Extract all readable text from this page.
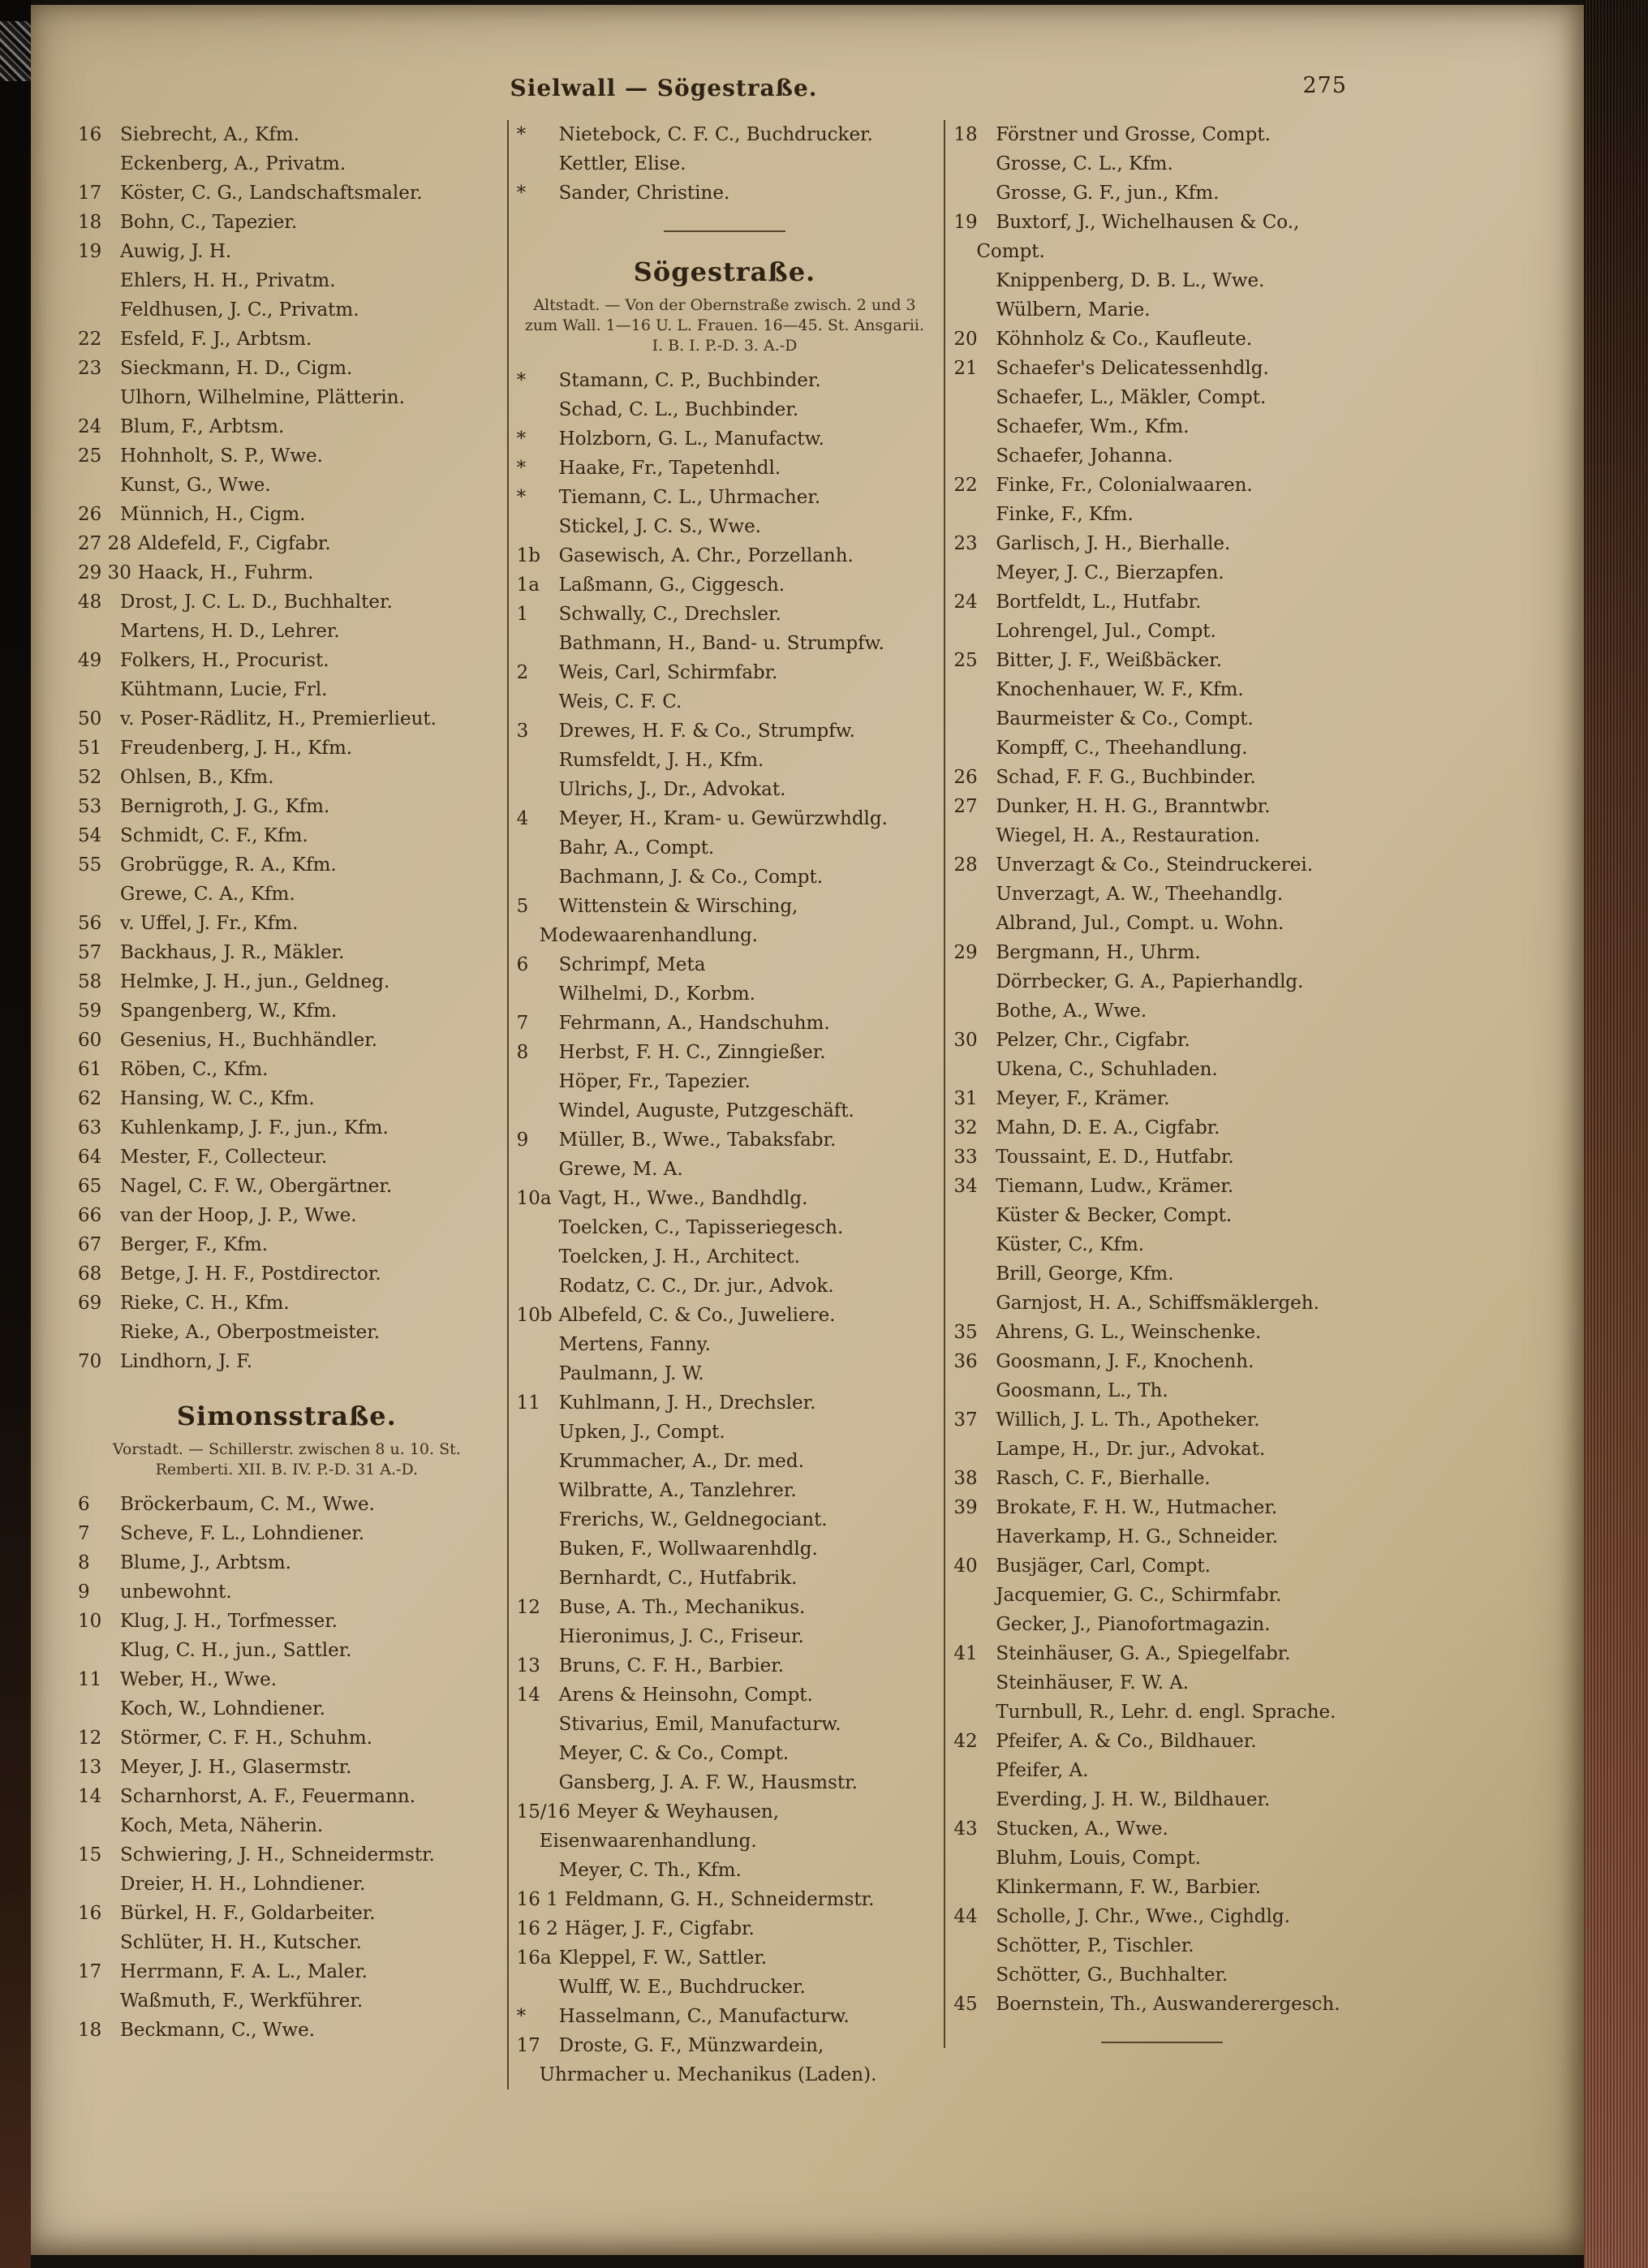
Sielwall — Sögestraße.	275
16 Siebrecht, A., Kfm.
Eckenberg, A., Privatm.
17 Köster, C. G., Landschaftsmaler.
18 Bohn, C., Tapezier.
19 Auwig, J. H.
Ehlers, H. H., Privatm.
Feldhusen, J. C., Privatm.
22 Esfeld, F. J., Arbtsm.
23 Sieckmann, H. D., Cigm.
Ulhorn, Wilhelmine, Plätterin.
24 Blum, F., Arbtsm.
25 Hohnholt, S. P., Wwe.
Kunst, G., Wwe.
26 Münnich, H., Cigm.
27 28 Aldefeld, F., Cigfabr.
29 30 Haack, H., Fuhrm.
48 Drost, J. C. L. D., Buchhalter.
Martens, H. D., Lehrer.
49 Folkers, H., Procurist.
Kühtmann, Lucie, Frl.
50 v. Poser-Rädlitz, H., Premierlieut.
51 Freudenberg, J. H., Kfm.
52 Ohlsen, B., Kfm.
53 Bernigroth, J. G., Kfm.
54 Schmidt, C. F., Kfm.
55 Grobrügge, R. A., Kfm.
Grewe, C. A., Kfm.
56 v. Uffel, J. Fr., Kfm.
57 Backhaus, J. R., Mäkler.
58 Helmke, J. H., jun., Geldneg.
59 Spangenberg, W., Kfm.
60 Gesenius, H., Buchhändler.
61 Röben, C., Kfm.
62 Hansing, W. C., Kfm.
63 Kuhlenkamp, J. F., jun., Kfm.
64 Mester, F., Collecteur.
65 Nagel, C. F. W., Obergärtner.
66 van der Hoop, J. P., Wwe.
67 Berger, F., Kfm.
68 Betge, J. H. F., Postdirector.
69 Rieke, C. H., Kfm.
Rieke, A., Oberpostmeister.
70 Lindhorn, J. F.
Simonsstraße.
Vorstadt. — Schillerstr. zwischen 8 u. 10. St. Remberti. XII. B. IV. P.-D. 31 A.-D.
6 Bröckerbaum, C. M., Wwe.
7 Scheve, F. L., Lohndiener.
8 Blume, J., Arbtsm.
9 unbewohnt.
10 Klug, J. H., Torfmesser.
Klug, C. H., jun., Sattler.
11 Weber, H., Wwe.
Koch, W., Lohndiener.
12 Störmer, C. F. H., Schuhm.
13 Meyer, J. H., Glasermstr.
14 Scharnhorst, A. F., Feuermann.
Koch, Meta, Näherin.
15 Schwiering, J. H., Schneidermstr.
Dreier, H. H., Lohndiener.
16 Bürkel, H. F., Goldarbeiter.
Schlüter, H. H., Kutscher.
17 Herrmann, F. A. L., Maler.
Waßmuth, F., Werkführer.
18 Beckmann, C., Wwe.
* Nietebock, C. F. C., Buchdrucker.
Kettler, Elise.
* Sander, Christine.
Sögestraße.
Altstadt. — Von der Obernstraße zwisch. 2 und 3 zum Wall. 1—16 U. L. Frauen. 16—45. St. Ansgarii. I. B. I. P.-D. 3. A.-D
* Stamann, C. P., Buchbinder.
Schad, C. L., Buchbinder.
* Holzborn, G. L., Manufactw.
* Haake, Fr., Tapetenhdl.
* Tiemann, C. L., Uhrmacher.
Stickel, J. C. S., Wwe.
1b Gasewisch, A. Chr., Porzellanh.
1a Laßmann, G., Ciggesch.
1 Schwally, C., Drechsler.
Bathmann, H., Band- u. Strumpfw.
2 Weis, Carl, Schirmfabr.
Weis, C. F. C.
3 Drewes, H. F. & Co., Strumpfw.
Rumsfeldt, J. H., Kfm.
Ulrichs, J., Dr., Advokat.
4 Meyer, H., Kram- u. Gewürzwhdlg.
Bahr, A., Compt.
Bachmann, J. & Co., Compt.
5 Wittenstein & Wirsching, Modewaarenhandlung.
6 Schrimpf, Meta
Wilhelmi, D., Korbm.
7 Fehrmann, A., Handschuhm.
8 Herbst, F. H. C., Zinngießer.
Höper, Fr., Tapezier.
Windel, Auguste, Putzgeschäft.
9 Müller, B., Wwe., Tabaksfabr.
Grewe, M. A.
10a Vagt, H., Wwe., Bandhdlg.
Toelcken, C., Tapisseriegesch.
Toelcken, J. H., Architect.
Rodatz, C. C., Dr. jur., Advok.
10b Albefeld, C. & Co., Juweliere.
Mertens, Fanny.
Paulmann, J. W.
11 Kuhlmann, J. H., Drechsler.
Upken, J., Compt.
Krummacher, A., Dr. med.
Wilbratte, A., Tanzlehrer.
Frerichs, W., Geldnegociant.
Buken, F., Wollwaarenhdlg.
Bernhardt, C., Hutfabrik.
12 Buse, A. Th., Mechanikus.
Hieronimus, J. C., Friseur.
13 Bruns, C. F. H., Barbier.
14 Arens & Heinsohn, Compt.
Stivarius, Emil, Manufacturw.
Meyer, C. & Co., Compt.
Gansberg, J. A. F. W., Hausmstr.
15/16 Meyer & Weyhausen, Eisenwaarenhandlung.
Meyer, C. Th., Kfm.
16 1 Feldmann, G. H., Schneidermstr.
16 2 Häger, J. F., Cigfabr.
16a Kleppel, F. W., Sattler.
Wulff, W. E., Buchdrucker.
* Hasselmann, C., Manufacturw.
17 Droste, G. F., Münzwardein, Uhrmacher u. Mechanikus (Laden).
18 Förstner und Grosse, Compt.
Grosse, C. L., Kfm.
Grosse, G. F., jun., Kfm.
19 Buxtorf, J., Wichelhausen & Co., Compt.
Knippenberg, D. B. L., Wwe.
Wülbern, Marie.
20 Köhnholz & Co., Kaufleute.
21 Schaefer's Delicatessenhdlg.
Schaefer, L., Mäkler, Compt.
Schaefer, Wm., Kfm.
Schaefer, Johanna.
22 Finke, Fr., Colonialwaaren.
Finke, F., Kfm.
23 Garlisch, J. H., Bierhalle.
Meyer, J. C., Bierzapfen.
24 Bortfeldt, L., Hutfabr.
Lohrengel, Jul., Compt.
25 Bitter, J. F., Weißbäcker.
Knochenhauer, W. F., Kfm.
Baurmeister & Co., Compt.
Kompff, C., Theehandlung.
26 Schad, F. F. G., Buchbinder.
27 Dunker, H. H. G., Branntwbr.
Wiegel, H. A., Restauration.
28 Unverzagt & Co., Steindruckerei.
Unverzagt, A. W., Theehandlg.
Albrand, Jul., Compt. u. Wohn.
29 Bergmann, H., Uhrm.
Dörrbecker, G. A., Papierhandlg.
Bothe, A., Wwe.
30 Pelzer, Chr., Cigfabr.
Ukena, C., Schuhladen.
31 Meyer, F., Krämer.
32 Mahn, D. E. A., Cigfabr.
33 Toussaint, E. D., Hutfabr.
34 Tiemann, Ludw., Krämer.
Küster & Becker, Compt.
Küster, C., Kfm.
Brill, George, Kfm.
Garnjost, H. A., Schiffsmäklergeh.
35 Ahrens, G. L., Weinschenke.
36 Goosmann, J. F., Knochenh.
Goosmann, L., Th.
37 Willich, J. L. Th., Apotheker.
Lampe, H., Dr. jur., Advokat.
38 Rasch, C. F., Bierhalle.
39 Brokate, F. H. W., Hutmacher.
Haverkamp, H. G., Schneider.
40 Busjäger, Carl, Compt.
Jacquemier, G. C., Schirmfabr.
Gecker, J., Pianofortmagazin.
41 Steinhäuser, G. A., Spiegelfabr.
Steinhäuser, F. W. A.
Turnbull, R., Lehr. d. engl. Sprache.
42 Pfeifer, A. & Co., Bildhauer.
Pfeifer, A.
Everding, J. H. W., Bildhauer.
43 Stucken, A., Wwe.
Bluhm, Louis, Compt.
Klinkermann, F. W., Barbier.
44 Scholle, J. Chr., Wwe., Cighdlg.
Schötter, P., Tischler.
Schötter, G., Buchhalter.
45 Boernstein, Th., Auswanderergesch.
